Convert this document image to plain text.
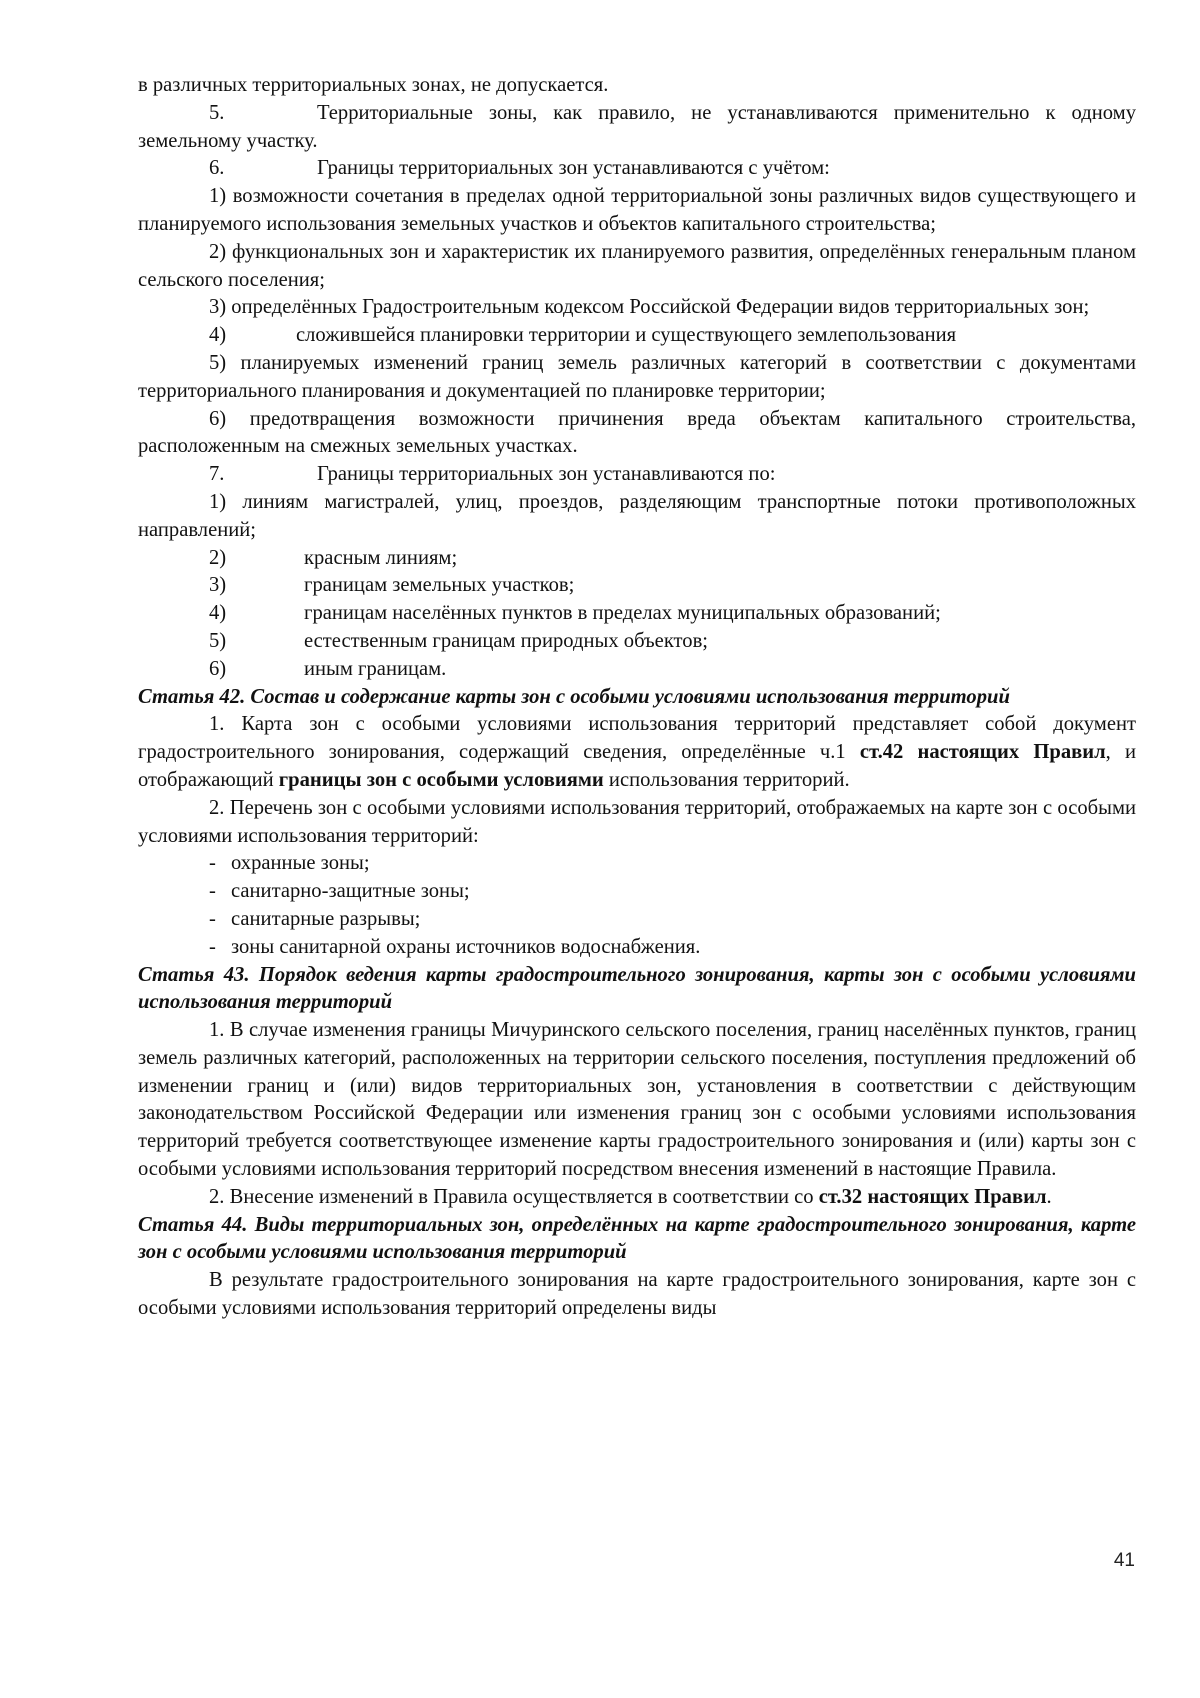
в различных территориальных зонах, не допускается.

5.	Территориальные зоны, как правило, не устанавливаются применительно к одному земельному участку.

6.	Границы территориальных зон устанавливаются с учётом:

1) возможности сочетания в пределах одной территориальной зоны различных видов существующего и планируемого использования земельных участков и объектов капитального строительства;

2) функциональных зон и характеристик их планируемого развития, определённых генеральным планом сельского поселения;

3) определённых Градостроительным кодексом Российской Федерации видов территориальных зон;

4)	сложившейся планировки территории и существующего землепользования

5) планируемых изменений границ земель различных категорий в соответствии с документами территориального планирования и документацией по планировке территории;

6) предотвращения возможности причинения вреда объектам капитального строительства, расположенным на смежных земельных участках.

7.	Границы территориальных зон устанавливаются по:

1) линиям магистралей, улиц, проездов, разделяющим транспортные потоки противоположных направлений;

2)	красным линиям;

3)	границам земельных участков;

4)	границам населённых пунктов в пределах муниципальных образований;

5)	естественным границам природных объектов;

6)	иным границам.

Статья 42. Состав и содержание карты зон с особыми условиями использования территорий

1. Карта зон с особыми условиями использования территорий представляет собой документ градостроительного зонирования, содержащий сведения, определённые ч.1 ст.42 настоящих Правил, и отображающий границы зон с особыми условиями использования территорий.

2. Перечень зон с особыми условиями использования территорий, отображаемых на карте зон с особыми условиями использования территорий:

- охранные зоны;

- санитарно-защитные зоны;

- санитарные разрывы;

- зоны санитарной охраны источников водоснабжения.

Статья 43. Порядок ведения карты градостроительного зонирования, карты зон с особыми условиями использования территорий

1. В случае изменения границы Мичуринского сельского поселения, границ населённых пунктов, границ земель различных категорий, расположенных на территории сельского поселения, поступления предложений об изменении границ и (или) видов территориальных зон, установления в соответствии с действующим законодательством Российской Федерации или изменения границ зон с особыми условиями использования территорий требуется соответствующее изменение карты градостроительного зонирования и (или) карты зон с особыми условиями использования территорий посредством внесения изменений в настоящие Правила.

2. Внесение изменений в Правила осуществляется в соответствии со ст.32 настоящих Правил.

Статья 44. Виды территориальных зон, определённых на карте градостроительного зонирования, карте зон с особыми условиями использования территорий

В результате градостроительного зонирования на карте градостроительного зонирования, карте зон с особыми условиями использования территорий определены виды

41
